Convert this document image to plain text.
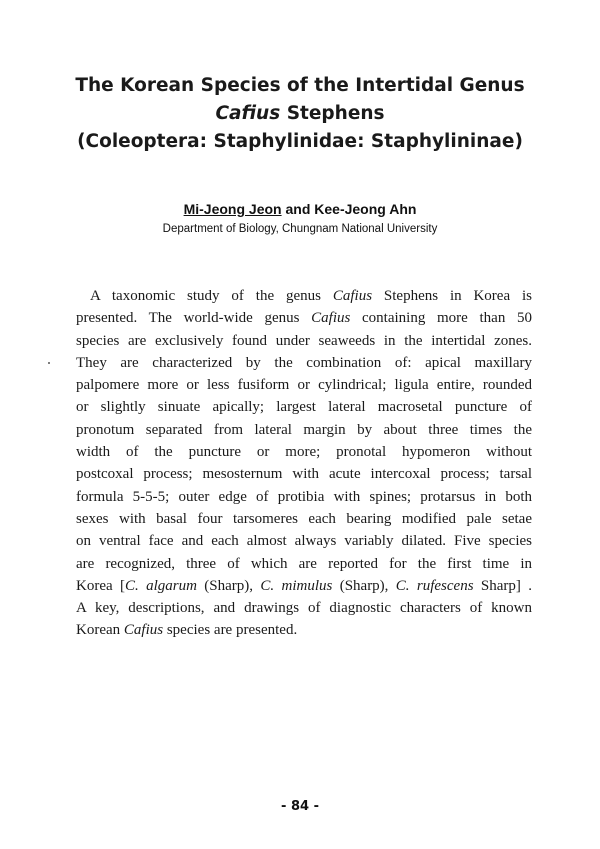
The Korean Species of the Intertidal Genus
Cafius Stephens
(Coleoptera: Staphylinidae: Staphylininae)
Mi-Jeong Jeon and Kee-Jeong Ahn
Department of Biology, Chungnam National University
A taxonomic study of the genus Cafius Stephens in Korea is
presented. The world-wide genus Cafius containing more than 50
species are exclusively found under seaweeds in the intertidal zones.
They are characterized by the combination of: apical maxillary
palpomere more or less fusiform or cylindrical; ligula entire, rounded
or slightly sinuate apically; largest lateral macrosetal puncture of
pronotum separated from lateral margin by about three times the
width of the puncture or more; pronotal hypomeron without
postcoxal process; mesosternum with acute intercoxal process; tarsal
formula 5-5-5; outer edge of protibia with spines; protarsus in both
sexes with basal four tarsomeres each bearing modified pale setae
on ventral face and each almost always variably dilated. Five species
are recognized, three of which are reported for the first time in
Korea [C. algarum (Sharp), C. mimulus (Sharp), C. rufescens Sharp] .
A key, descriptions, and drawings of diagnostic characters of known
Korean Cafius species are presented.
- 84 -
